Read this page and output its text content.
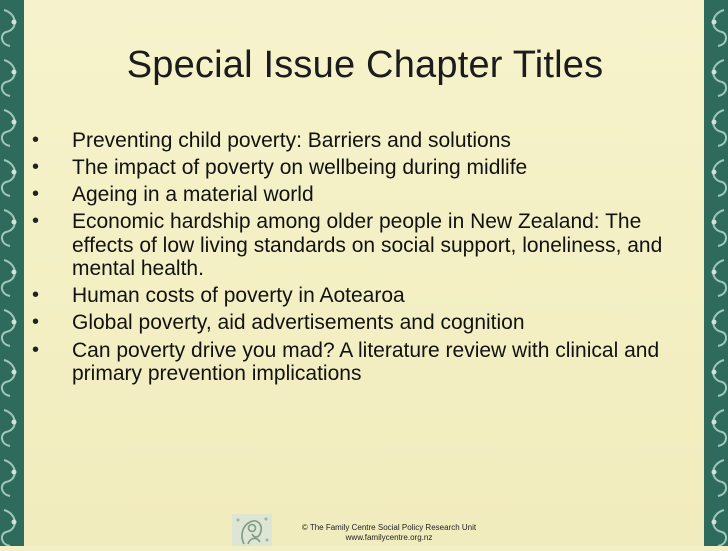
Special Issue Chapter Titles
• Preventing child poverty: Barriers and solutions
• The impact of poverty on wellbeing during midlife
• Ageing in a material world
• Economic hardship among older people in New Zealand: The effects of low living standards on social support, loneliness, and mental health.
• Human costs of poverty in Aotearoa
• Global poverty, aid advertisements and cognition
• Can poverty drive you mad? A literature review with clinical and primary prevention implications
© The Family Centre Social Policy Research Unit
www.familycentre.org.nz
